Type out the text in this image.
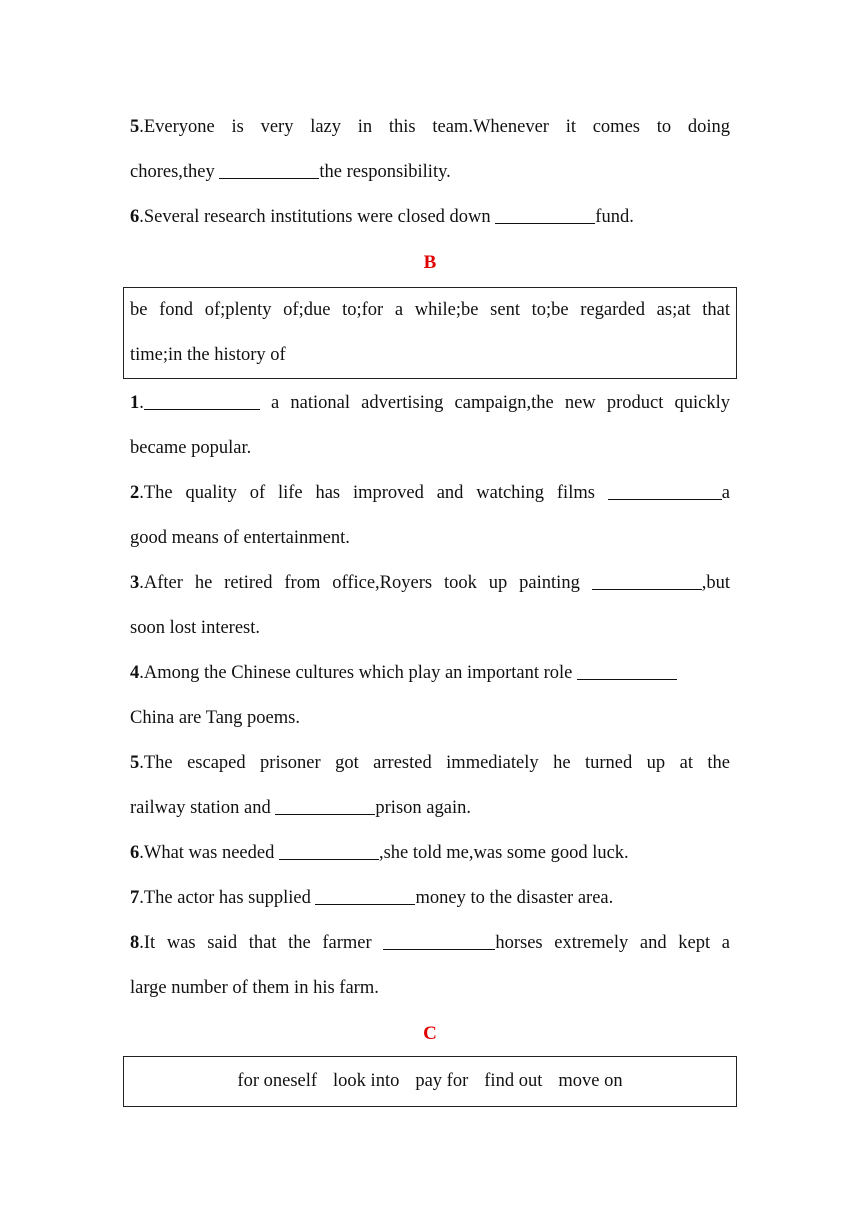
5.Everyone is very lazy in this team.Whenever it comes to doing
chores,they	the responsibility.
6.Several research institutions were closed down	fund.
B
be fond of;plenty of;due to;for a while;be sent to;be regarded as;at that
time;in the history of
1.	a national advertising campaign,the new product quickly
became popular.
2.The quality of life has improved and watching films	a
good means of entertainment.
3.After he retired from office,Royers took up painting	,but
soon lost interest.
4.Among the Chinese cultures which play an important role
China are Tang poems.
5.The escaped prisoner got arrested immediately he turned up at the
railway station and	prison again.
6.What was needed	,she told me,was some good luck.
7.The actor has supplied	money to the disaster area.
8.It was said that the farmer	horses extremely and kept a
large number of them in his farm.
C
for oneself look into pay for find out move on
